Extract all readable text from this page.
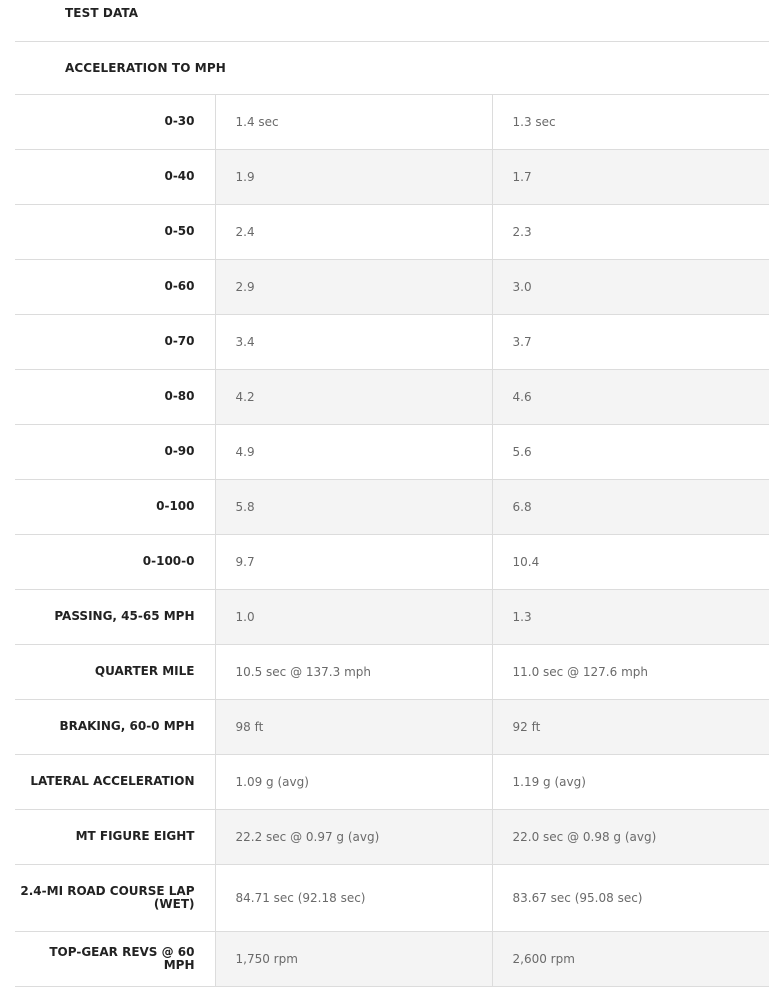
TEST DATA		
ACCELERATION TO MPH		
0-30	1.4 sec	1.3 sec
0-40	1.9	1.7
0-50	2.4	2.3
0-60	2.9	3.0
0-70	3.4	3.7
0-80	4.2	4.6
0-90	4.9	5.6
0-100	5.8	6.8
0-100-0	9.7	10.4
PASSING, 45-65 MPH	1.0	1.3
QUARTER MILE	10.5 sec @ 137.3 mph	11.0 sec @ 127.6 mph
BRAKING, 60-0 MPH	98 ft	92 ft
LATERAL ACCELERATION	1.09 g (avg)	1.19 g (avg)
MT FIGURE EIGHT	22.2 sec @ 0.97 g (avg)	22.0 sec @ 0.98 g (avg)
2.4-MI ROAD COURSE LAP (WET)	84.71 sec (92.18 sec)	83.67 sec (95.08 sec)
TOP-GEAR REVS @ 60 MPH	1,750 rpm	2,600 rpm
